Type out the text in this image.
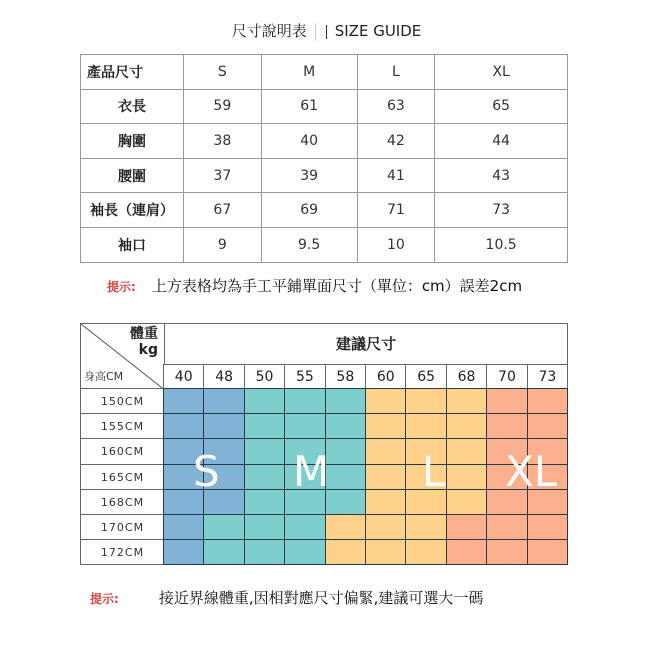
尺寸說明表 SIZE GUIDE
產品尺寸	S	M	L	XL
衣長	59	61	63	65
胸圍	38	40	42	44
腰圍	37	39	41	43
袖長（連肩）	67	69	71	73
袖口	9	9.5	10	10.5
提示: 上方表格均為手工平鋪單面尺寸（單位：cm）誤差2cm
體重
kg
身高CM
建議尺寸
40	48	50	55	58	60	65	68	70	73
150CM
155CM
160CM
165CM
168CM
170CM
172CM
S M L XL
提示:	接近界線體重,因相對應尺寸偏緊,建議可選大一碼
